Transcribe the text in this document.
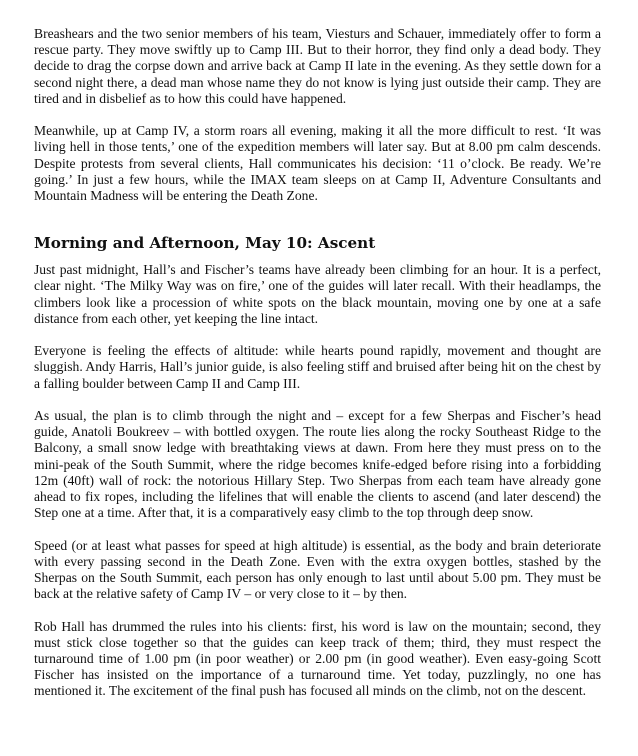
Breashears and the two senior members of his team, Viesturs and Schauer, immediately offer to form a rescue party. They move swiftly up to Camp III. But to their horror, they find only a dead body. They decide to drag the corpse down and arrive back at Camp II late in the evening. As they settle down for a second night there, a dead man whose name they do not know is lying just outside their camp. They are tired and in disbelief as to how this could have happened.

Meanwhile, up at Camp IV, a storm roars all evening, making it all the more difficult to rest. ‘It was living hell in those tents,’ one of the expedition members will later say. But at 8.00 pm calm descends. Despite protests from several clients, Hall communicates his decision: ‘11 o’clock. Be ready. We’re going.’ In just a few hours, while the IMAX team sleeps on at Camp II, Adventure Consultants and Mountain Madness will be entering the Death Zone.

Morning and Afternoon, May 10: Ascent

Just past midnight, Hall’s and Fischer’s teams have already been climbing for an hour. It is a perfect, clear night. ‘The Milky Way was on fire,’ one of the guides will later recall. With their headlamps, the climbers look like a procession of white spots on the black mountain, moving one by one at a safe distance from each other, yet keeping the line intact.

Everyone is feeling the effects of altitude: while hearts pound rapidly, movement and thought are sluggish. Andy Harris, Hall’s junior guide, is also feeling stiff and bruised after being hit on the chest by a falling boulder between Camp II and Camp III.

As usual, the plan is to climb through the night and – except for a few Sherpas and Fischer’s head guide, Anatoli Boukreev – with bottled oxygen. The route lies along the rocky Southeast Ridge to the Balcony, a small snow ledge with breathtaking views at dawn. From here they must press on to the mini-peak of the South Summit, where the ridge becomes knife-edged before rising into a forbidding 12m (40ft) wall of rock: the notorious Hillary Step. Two Sherpas from each team have already gone ahead to fix ropes, including the lifelines that will enable the clients to ascend (and later descend) the Step one at a time. After that, it is a comparatively easy climb to the top through deep snow.

Speed (or at least what passes for speed at high altitude) is essential, as the body and brain deteriorate with every passing second in the Death Zone. Even with the extra oxygen bottles, stashed by the Sherpas on the South Summit, each person has only enough to last until about 5.00 pm. They must be back at the relative safety of Camp IV – or very close to it – by then.

Rob Hall has drummed the rules into his clients: first, his word is law on the mountain; second, they must stick close together so that the guides can keep track of them; third, they must respect the turnaround time of 1.00 pm (in poor weather) or 2.00 pm (in good weather). Even easy-going Scott Fischer has insisted on the importance of a turnaround time. Yet today, puzzlingly, no one has mentioned it. The excitement of the final push has focused all minds on the climb, not on the descent.
